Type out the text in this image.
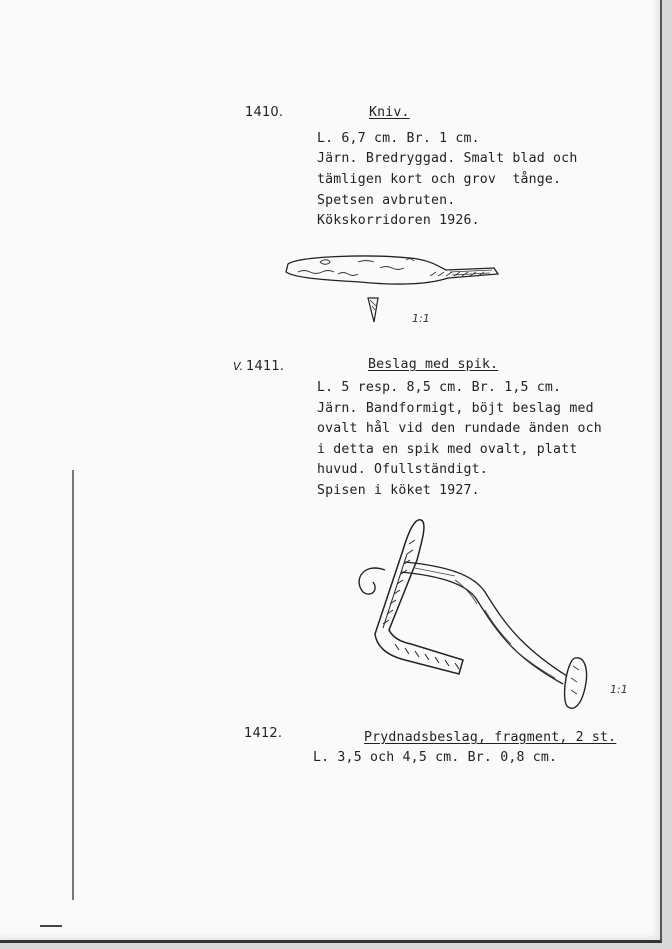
1410.	Kniv.
L. 6,7 cm. Br. 1 cm.
Järn. Bredryggad. Smalt blad och
tämligen kort och grov  tånge.
Spetsen avbruten.
Kökskorridoren 1926.
1:1
V. 1411.	Beslag med spik.
L. 5 resp. 8,5 cm. Br. 1,5 cm.
Järn. Bandformigt, böjt beslag med
ovalt hål vid den rundade änden och
i detta en spik med ovalt, platt
huvud. Ofullständigt.
Spisen i köket 1927.
1:1
1412.	Prydnadsbeslag, fragment, 2 st.
L. 3,5 och 4,5 cm. Br. 0,8 cm.
